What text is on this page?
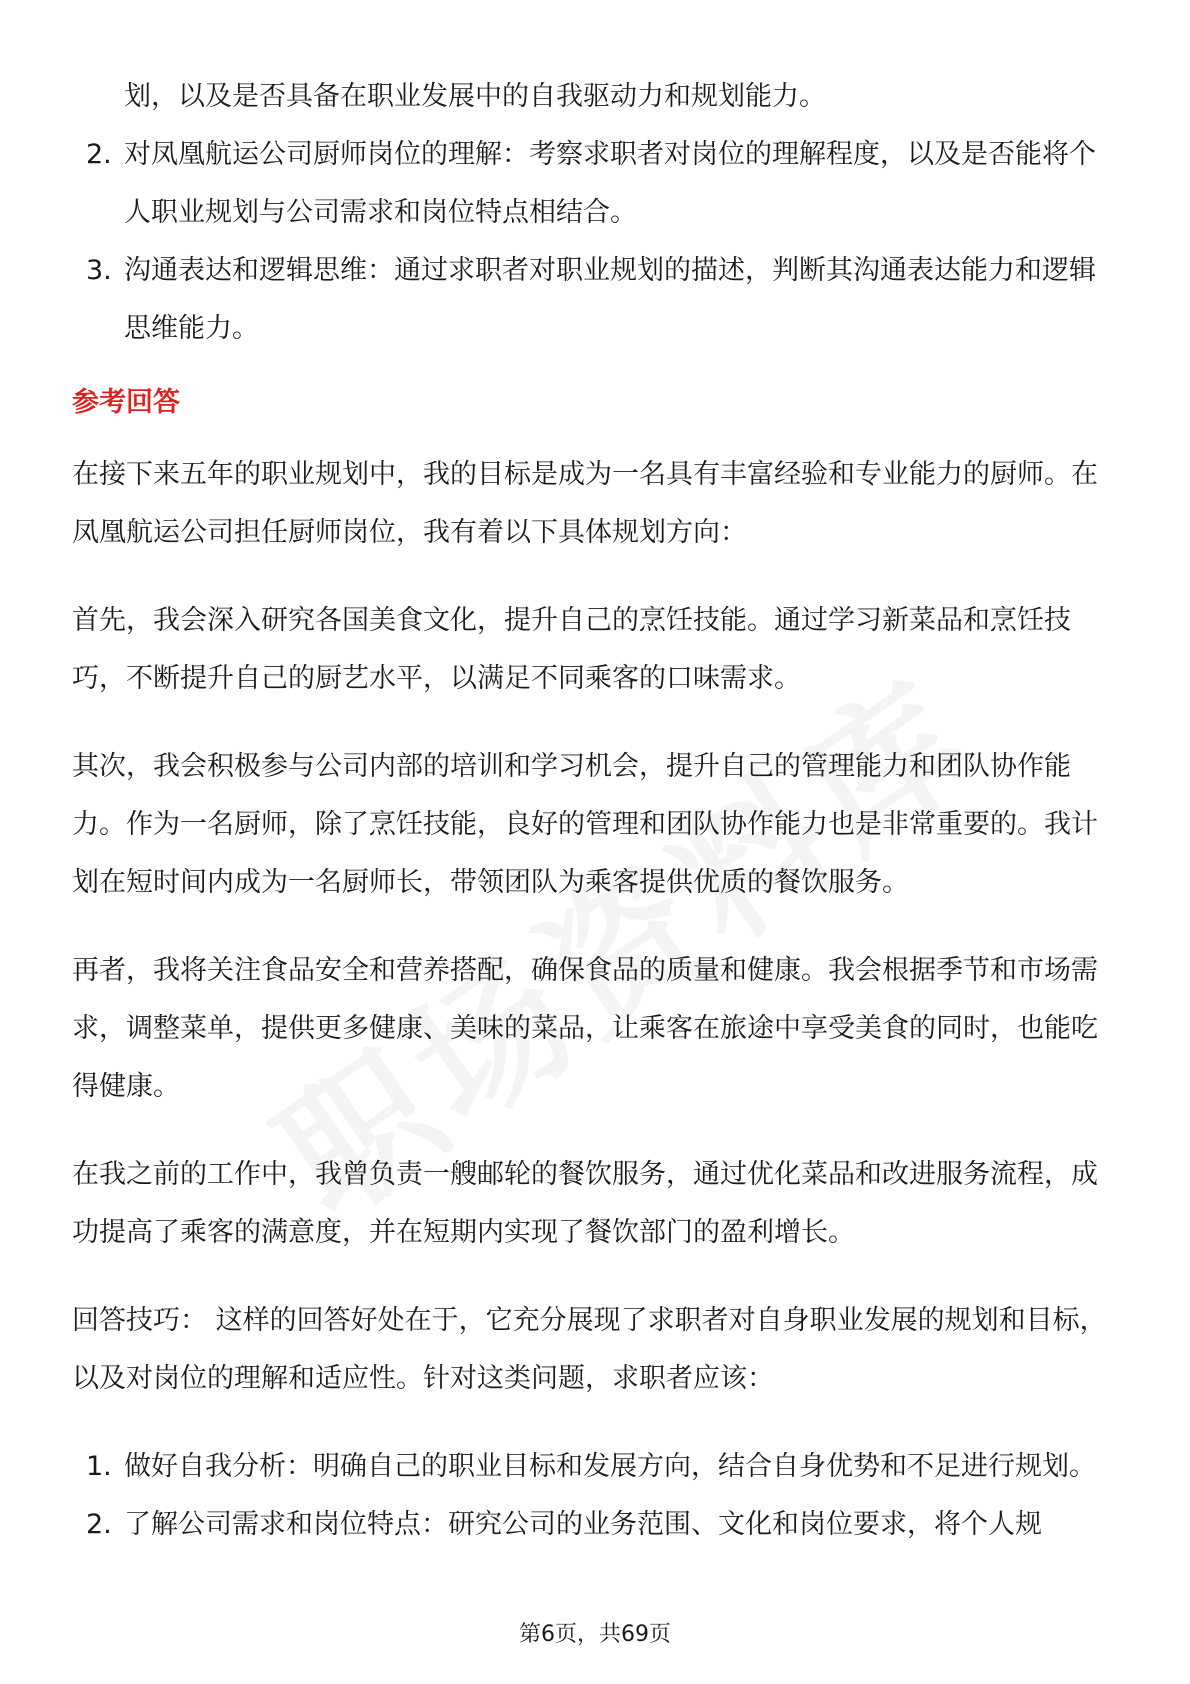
划，以及是否具备在职业发展中的自我驱动力和规划能力。
2. 对凤凰航运公司厨师岗位的理解：考察求职者对岗位的理解程度，以及是否能将个人职业规划与公司需求和岗位特点相结合。
3. 沟通表达和逻辑思维：通过求职者对职业规划的描述，判断其沟通表达能力和逻辑思维能力。
参考回答

在接下来五年的职业规划中，我的目标是成为一名具有丰富经验和专业能力的厨师。在凤凰航运公司担任厨师岗位，我有着以下具体规划方向：

首先，我会深入研究各国美食文化，提升自己的烹饪技能。通过学习新菜品和烹饪技巧，不断提升自己的厨艺水平，以满足不同乘客的口味需求。

其次，我会积极参与公司内部的培训和学习机会，提升自己的管理能力和团队协作能力。作为一名厨师，除了烹饪技能，良好的管理和团队协作能力也是非常重要的。我计划在短时间内成为一名厨师长，带领团队为乘客提供优质的餐饮服务。

再者，我将关注食品安全和营养搭配，确保食品的质量和健康。我会根据季节和市场需求，调整菜单，提供更多健康、美味的菜品，让乘客在旅途中享受美食的同时，也能吃得健康。

在我之前的工作中，我曾负责一艘邮轮的餐饮服务，通过优化菜品和改进服务流程，成功提高了乘客的满意度，并在短期内实现了餐饮部门的盈利增长。

回答技巧： 这样的回答好处在于，它充分展现了求职者对自身职业发展的规划和目标，以及对岗位的理解和适应性。针对这类问题，求职者应该：

1. 做好自我分析：明确自己的职业目标和发展方向，结合自身优势和不足进行规划。
2. 了解公司需求和岗位特点：研究公司的业务范围、文化和岗位要求，将个人规
第6页，共69页
